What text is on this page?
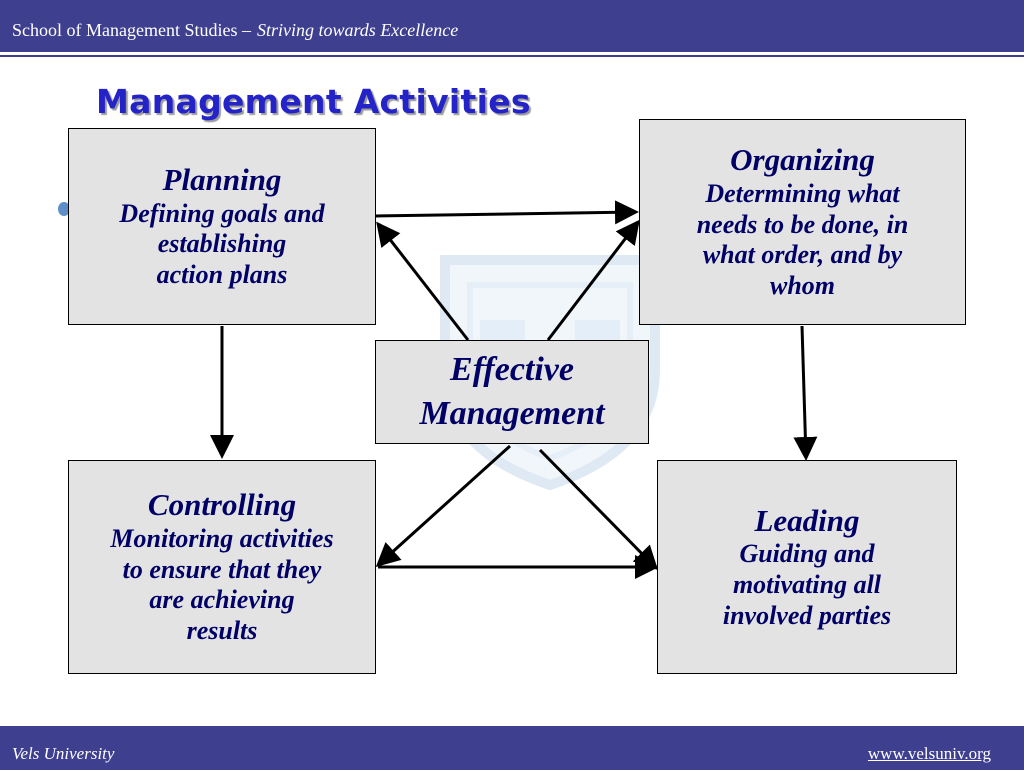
School of Management Studies – Striving towards Excellence
Management Activities
Planning
Defining goals and
establishing
action plans
Organizing
Determining what
needs to be done, in
what order, and by
whom
Effective
Management
Controlling
Monitoring activities
to ensure that they
are achieving
results
Leading
Guiding and
motivating all
involved parties
Vels University	www.velsuniv.org
